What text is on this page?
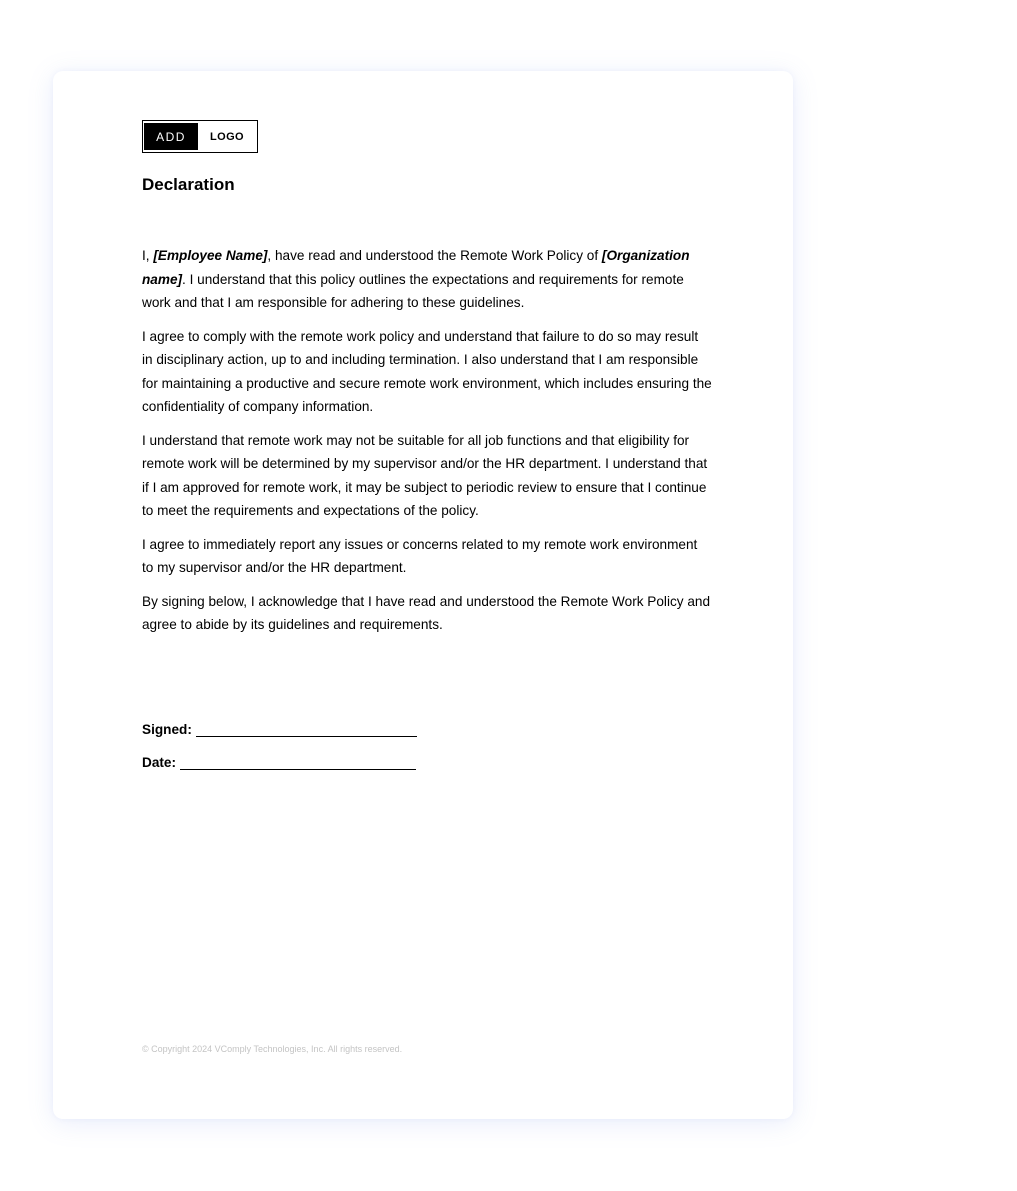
ADD	LOGO
Declaration

I, [Employee Name], have read and understood the Remote Work Policy of [Organization name]. I understand that this policy outlines the expectations and requirements for remote work and that I am responsible for adhering to these guidelines.

I agree to comply with the remote work policy and understand that failure to do so may result in disciplinary action, up to and including termination. I also understand that I am responsible for maintaining a productive and secure remote work environment, which includes ensuring the confidentiality of company information.

I understand that remote work may not be suitable for all job functions and that eligibility for remote work will be determined by my supervisor and/or the HR department. I understand that if I am approved for remote work, it may be subject to periodic review to ensure that I continue to meet the requirements and expectations of the policy.

I agree to immediately report any issues or concerns related to my remote work environment to my supervisor and/or the HR department.

By signing below, I acknowledge that I have read and understood the Remote Work Policy and agree to abide by its guidelines and requirements.

Signed:
Date:
© Copyright 2024 VComply Technologies, Inc. All rights reserved.
